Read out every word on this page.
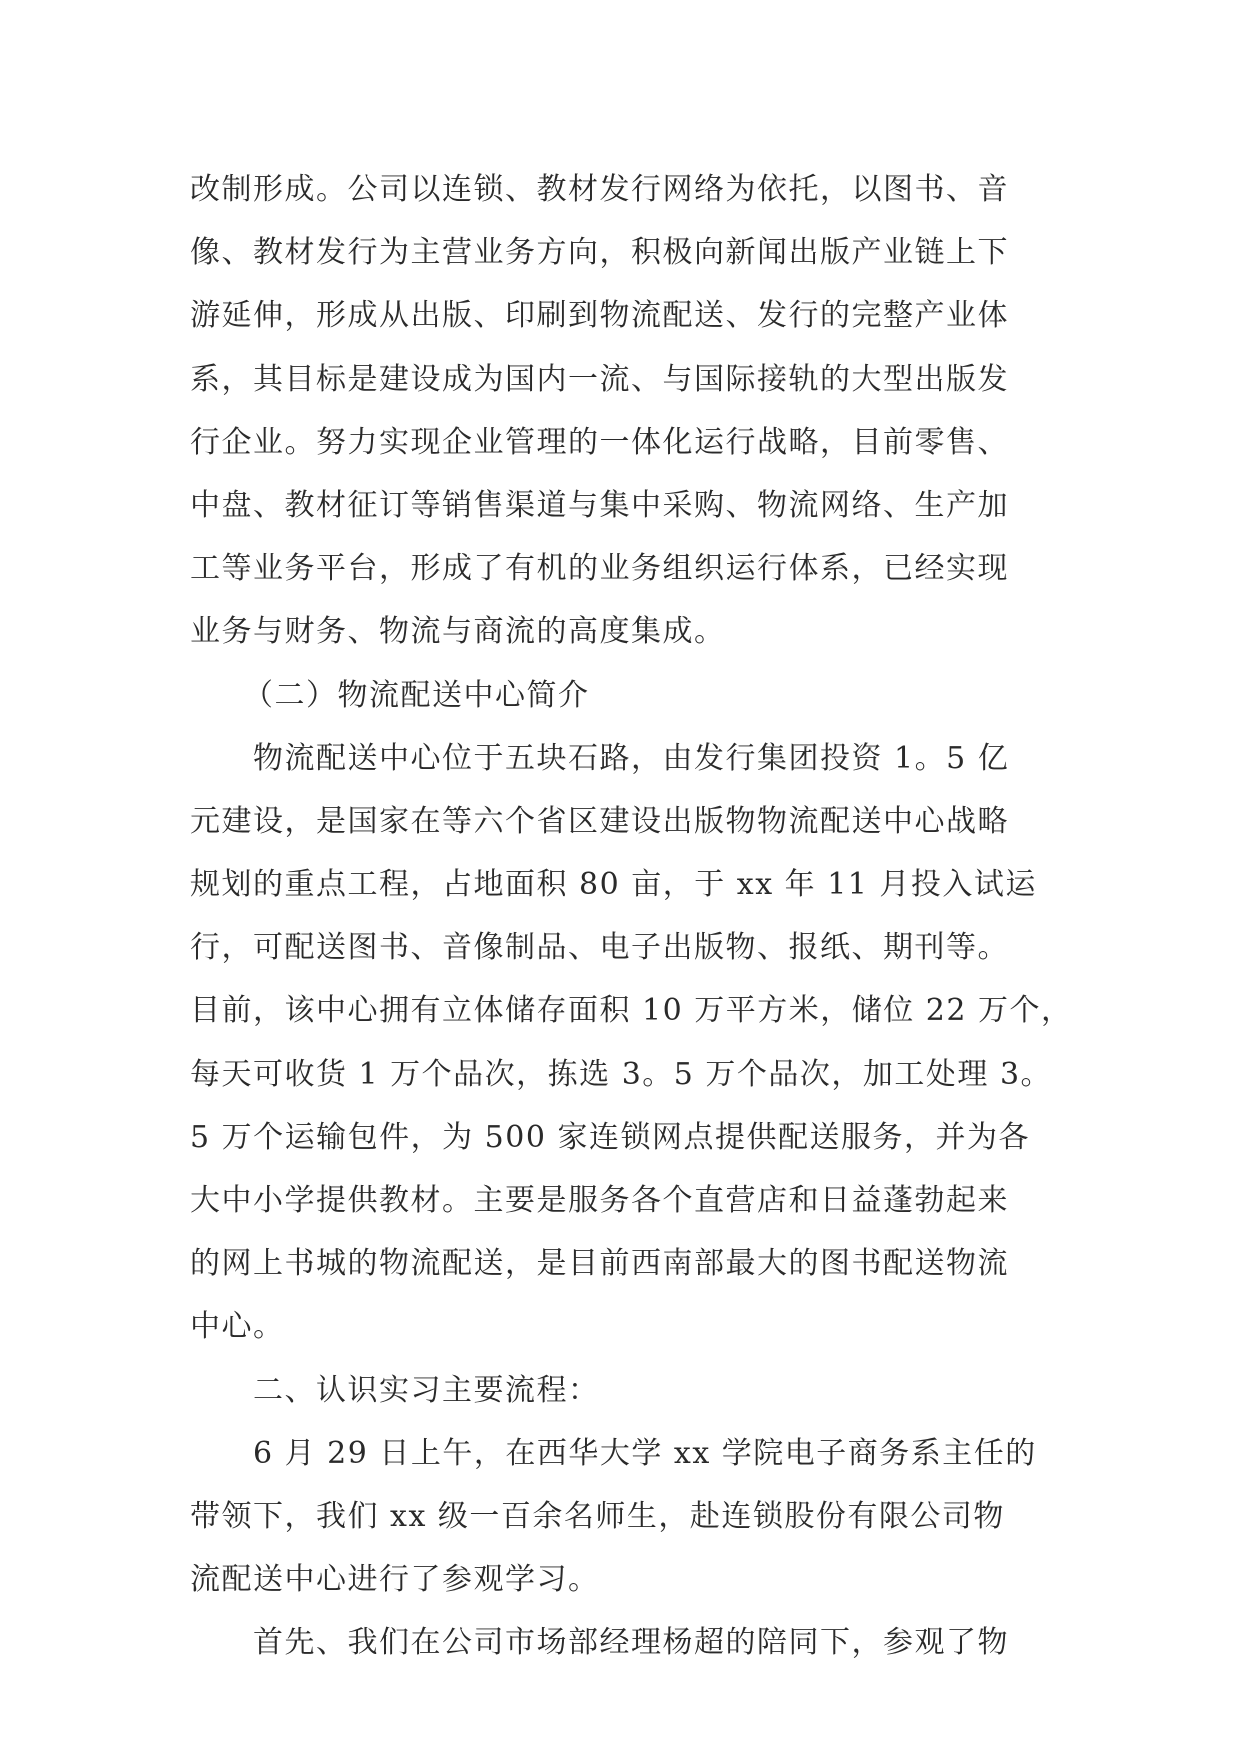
改制形成。公司以连锁、教材发行网络为依托，以图书、音
像、教材发行为主营业务方向，积极向新闻出版产业链上下
游延伸，形成从出版、印刷到物流配送、发行的完整产业体
系，其目标是建设成为国内一流、与国际接轨的大型出版发
行企业。努力实现企业管理的一体化运行战略，目前零售、
中盘、教材征订等销售渠道与集中采购、物流网络、生产加
工等业务平台，形成了有机的业务组织运行体系，已经实现
业务与财务、物流与商流的高度集成。
（二）物流配送中心简介
物流配送中心位于五块石路，由发行集团投资 1。5 亿
元建设，是国家在等六个省区建设出版物物流配送中心战略
规划的重点工程，占地面积 80 亩，于 xx 年 11 月投入试运
行，可配送图书、音像制品、电子出版物、报纸、期刊等。
目前，该中心拥有立体储存面积 10 万平方米，储位 22 万个，
每天可收货 1 万个品次，拣选 3。5 万个品次，加工处理 3。
5 万个运输包件，为 500 家连锁网点提供配送服务，并为各
大中小学提供教材。主要是服务各个直营店和日益蓬勃起来
的网上书城的物流配送，是目前西南部最大的图书配送物流
中心。
二、认识实习主要流程：
6 月 29 日上午，在西华大学 xx 学院电子商务系主任的
带领下，我们 xx 级一百余名师生，赴连锁股份有限公司物
流配送中心进行了参观学习。
首先、我们在公司市场部经理杨超的陪同下，参观了物
